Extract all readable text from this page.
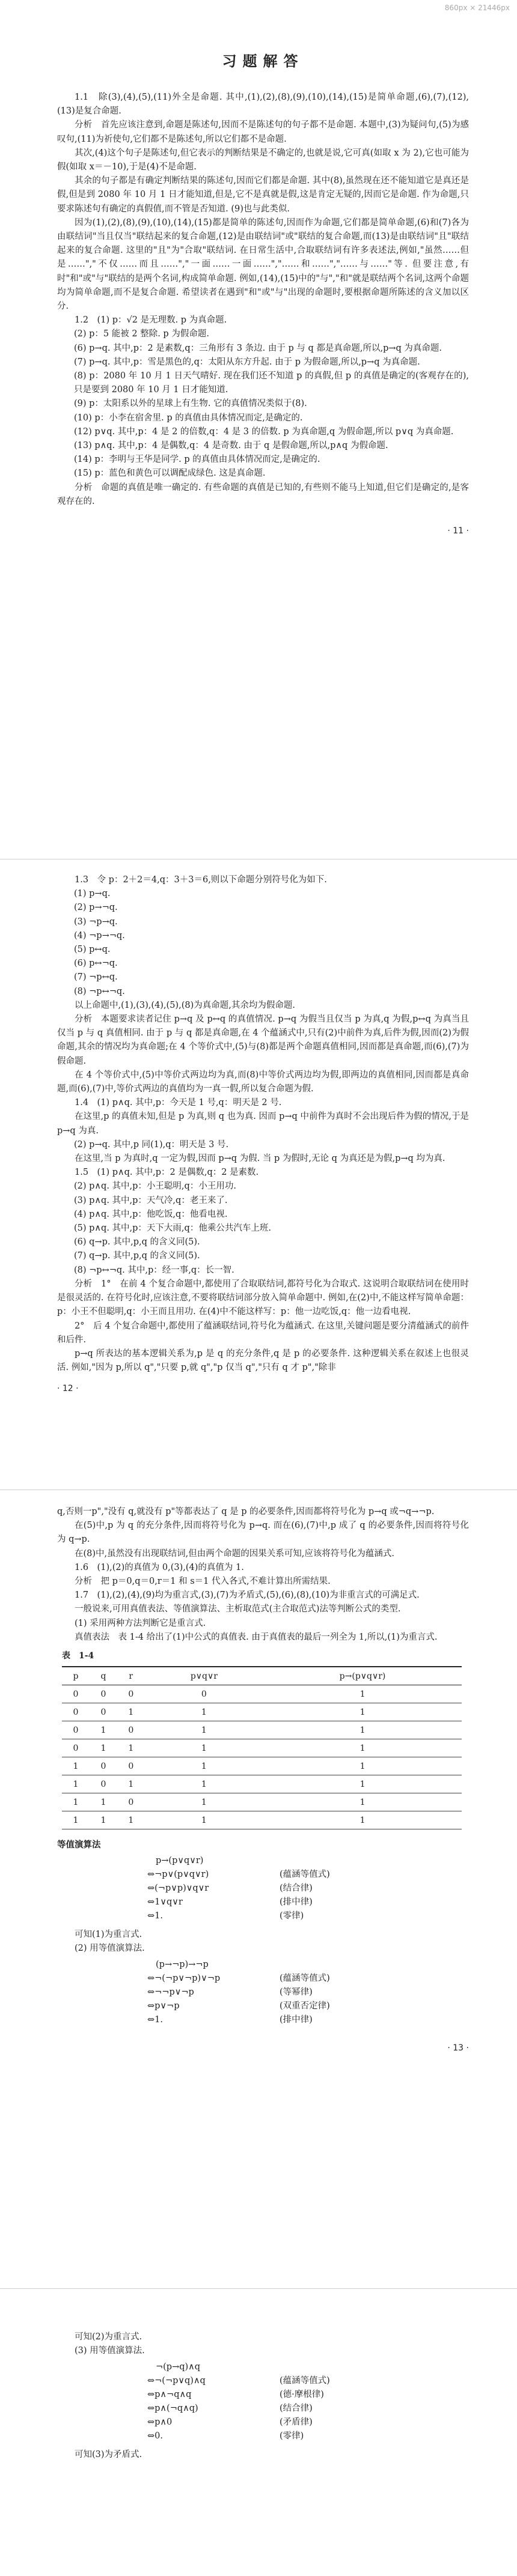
860px × 21446px
习题解答

1.1　除(3),(4),(5),(11)外全是命题. 其中,(1),(2),(8),(9),(10),(14),(15)是简单命题,(6),(7),(12),(13)是复合命题.

分析　首先应该注意到,命题是陈述句,因而不是陈述句的句子都不是命题. 本题中,(3)为疑问句,(5)为感叹句,(11)为祈使句,它们都不是陈述句,所以它们都不是命题.

其次,(4)这个句子是陈述句,但它表示的判断结果是不确定的,也就是说,它可真(如取 x 为 2),它也可能为假(如取 x＝－10),于是(4)不是命题.

其余的句子都是有确定判断结果的陈述句,因而它们都是命题. 其中(8),虽然现在还不能知道它是真还是假,但是到 2080 年 10 月 1 日才能知道,但是,它不是真就是假,这是肯定无疑的,因而它是命题. 作为命题,只要求陈述句有确定的真假值,而不管是否知道. (9)也与此类似.

因为(1),(2),(8),(9),(10),(14),(15)都是简单的陈述句,因而作为命题,它们都是简单命题,(6)和(7)各为由联结词"当且仅当"联结起来的复合命题,(12)是由联结词"或"联结的复合命题,而(13)是由联结词"且"联结起来的复合命题. 这里的"且"为"合取"联结词. 在日常生活中,合取联结词有许多表述法,例如,"虽然……但是……","不仅……而且……","一面……一面……","……和……","……与……"等. 但要注意,有时"和"或"与"联结的是两个名词,构成简单命题. 例如,(14),(15)中的"与","和"就是联结两个名词,这两个命题均为简单命题,而不是复合命题. 希望读者在遇到"和"或"与"出现的命题时,要根据命题所陈述的含义加以区分.

1.2　(1) p：√2 是无理数. p 为真命题.

(2) p：5 能被 2 整除. p 为假命题.

(6) p→q. 其中,p：2 是素数,q：三角形有 3 条边. 由于 p 与 q 都是真命题,所以,p→q 为真命题.

(7) p→q. 其中,p：雪是黑色的,q：太阳从东方升起. 由于 p 为假命题,所以,p→q 为真命题.

(8) p：2080 年 10 月 1 日天气晴好. 现在我们还不知道 p 的真假,但 p 的真值是确定的(客观存在的),只是要到 2080 年 10 月 1 日才能知道.

(9) p：太阳系以外的星球上有生物. 它的真值情况类似于(8).

(10) p：小李在宿舍里. p 的真值由具体情况而定,是确定的.

(12) p∨q. 其中,p：4 是 2 的倍数,q：4 是 3 的倍数. p 为真命题,q 为假命题,所以 p∨q 为真命题.

(13) p∧q. 其中,p：4 是偶数,q：4 是奇数. 由于 q 是假命题,所以,p∧q 为假命题.

(14) p：李明与王华是同学. p 的真值由具体情况而定,是确定的.

(15) p：蓝色和黄色可以调配成绿色. 这是真命题.

分析　命题的真值是唯一确定的. 有些命题的真值是已知的,有些则不能马上知道,但它们是确定的,是客观存在的.

· 11 ·

1.3　令 p：2＋2＝4,q：3＋3＝6,则以下命题分别符号化为如下.

(1) p→q.

(2) p→¬q.

(3) ¬p→q.

(4) ¬p→¬q.

(5) p↔q.

(6) p↔¬q.

(7) ¬p↔q.

(8) ¬p↔¬q.

以上命题中,(1),(3),(4),(5),(8)为真命题,其余均为假命题.

分析　本题要求读者记住 p→q 及 p↔q 的真值情况. p→q 为假当且仅当 p 为真,q 为假,p↔q 为真当且仅当 p 与 q 真值相同. 由于 p 与 q 都是真命题,在 4 个蕴涵式中,只有(2)中前件为真,后件为假,因而(2)为假命题,其余的情况均为真命题;在 4 个等价式中,(5)与(8)都是两个命题真值相同,因而都是真命题,而(6),(7)为假命题.

在 4 个等价式中,(5)中等价式两边均为真,而(8)中等价式两边均为假,即两边的真值相同,因而都是真命题,而(6),(7)中,等价式两边的真值均为一真一假,所以复合命题为假.

1.4　(1) p∧q. 其中,p：今天是 1 号,q：明天是 2 号.

在这里,p 的真值未知,但是 p 为真,则 q 也为真. 因而 p→q 中前件为真时不会出现后件为假的情况,于是 p→q 为真.

(2) p→q. 其中,p 同(1),q：明天是 3 号.

在这里,当 p 为真时,q 一定为假,因而 p→q 为假. 当 p 为假时,无论 q 为真还是为假,p→q 均为真.

1.5　(1) p∧q. 其中,p：2 是偶数,q：2 是素数.

(2) p∧q. 其中,p：小王聪明,q：小王用功.

(3) p∧q. 其中,p：天气冷,q：老王来了.

(4) p∧q. 其中,p：他吃饭,q：他看电视.

(5) p∧q. 其中,p：天下大雨,q：他乘公共汽车上班.

(6) q→p. 其中,p,q 的含义同(5).

(7) q→p. 其中,p,q 的含义同(5).

(8) ¬p↔¬q. 其中,p：经一事,q：长一智.

分析　1°　在前 4 个复合命题中,都使用了合取联结词,都符号化为合取式. 这说明合取联结词在使用时是很灵活的. 在符号化时,应该注意,不要将联结词部分放入简单命题中. 例如,在(2)中,不能这样写简单命题：p：小王不但聪明,q：小王而且用功. 在(4)中不能这样写：p：他一边吃饭,q：他一边看电视.

2°　后 4 个复合命题中,都使用了蕴涵联结词,符号化为蕴涵式. 在这里,关键问题是要分清蕴涵式的前件和后件.

p→q 所表达的基本逻辑关系为,p 是 q 的充分条件,q 是 p 的必要条件. 这种逻辑关系在叙述上也很灵活. 例如,"因为 p,所以 q","只要 p,就 q","p 仅当 q","只有 q 才 p","除非

· 12 ·

q,否则一p","没有 q,就没有 p"等都表达了 q 是 p 的必要条件,因而都将符号化为 p→q 或¬q→¬p.

在(5)中,p 为 q 的充分条件,因而将符号化为 p→q. 而在(6),(7)中,p 成了 q 的必要条件,因而将符号化为 q→p.

在(8)中,虽然没有出现联结词,但由两个命题的因果关系可知,应该将符号化为蕴涵式.

1.6　(1),(2)的真值为 0,(3),(4)的真值为 1.

分析　把 p＝0,q＝0,r＝1 和 s＝1 代入各式,不难计算出所需结果.

1.7　(1),(2),(4),(9)均为重言式,(3),(7)为矛盾式,(5),(6),(8),(10)为非重言式的可满足式.

一般说来,可用真值表法、等值演算法、主析取范式(主合取范式)法等判断公式的类型.

(1) 采用两种方法判断它是重言式.

真值表法　表 1-4 给出了(1)中公式的真值表. 由于真值表的最后一列全为 1,所以,(1)为重言式.

表　1-4
p	q	r	p∨q∨r	p→(p∨q∨r)
0	0	0	0	1
0	0	1	1	1
0	1	0	1	1
0	1	1	1	1
1	0	0	1	1
1	0	1	1	1
1	1	0	1	1
1	1	1	1	1
等值演算法
p→(p∨q∨r)
⇔¬p∨(p∨q∨r)	(蕴涵等值式)
⇔(¬p∨p)∨q∨r	(结合律)
⇔1∨q∨r	(排中律)
⇔1.	(零律)

可知(1)为重言式.

(2) 用等值演算法.

(p→¬p)→¬p
⇔¬(¬p∨¬p)∨¬p	(蕴涵等值式)
⇔¬¬p∨¬p	(等幂律)
⇔p∨¬p	(双重否定律)
⇔1.	(排中律)

· 13 ·

可知(2)为重言式.

(3) 用等值演算法.

¬(p→q)∧q
⇔¬(¬p∨q)∧q	(蕴涵等值式)
⇔p∧¬q∧q	(德·摩根律)
⇔p∧(¬q∧q)	(结合律)
⇔p∧0	(矛盾律)
⇔0.	(零律)

可知(3)为矛盾式.
